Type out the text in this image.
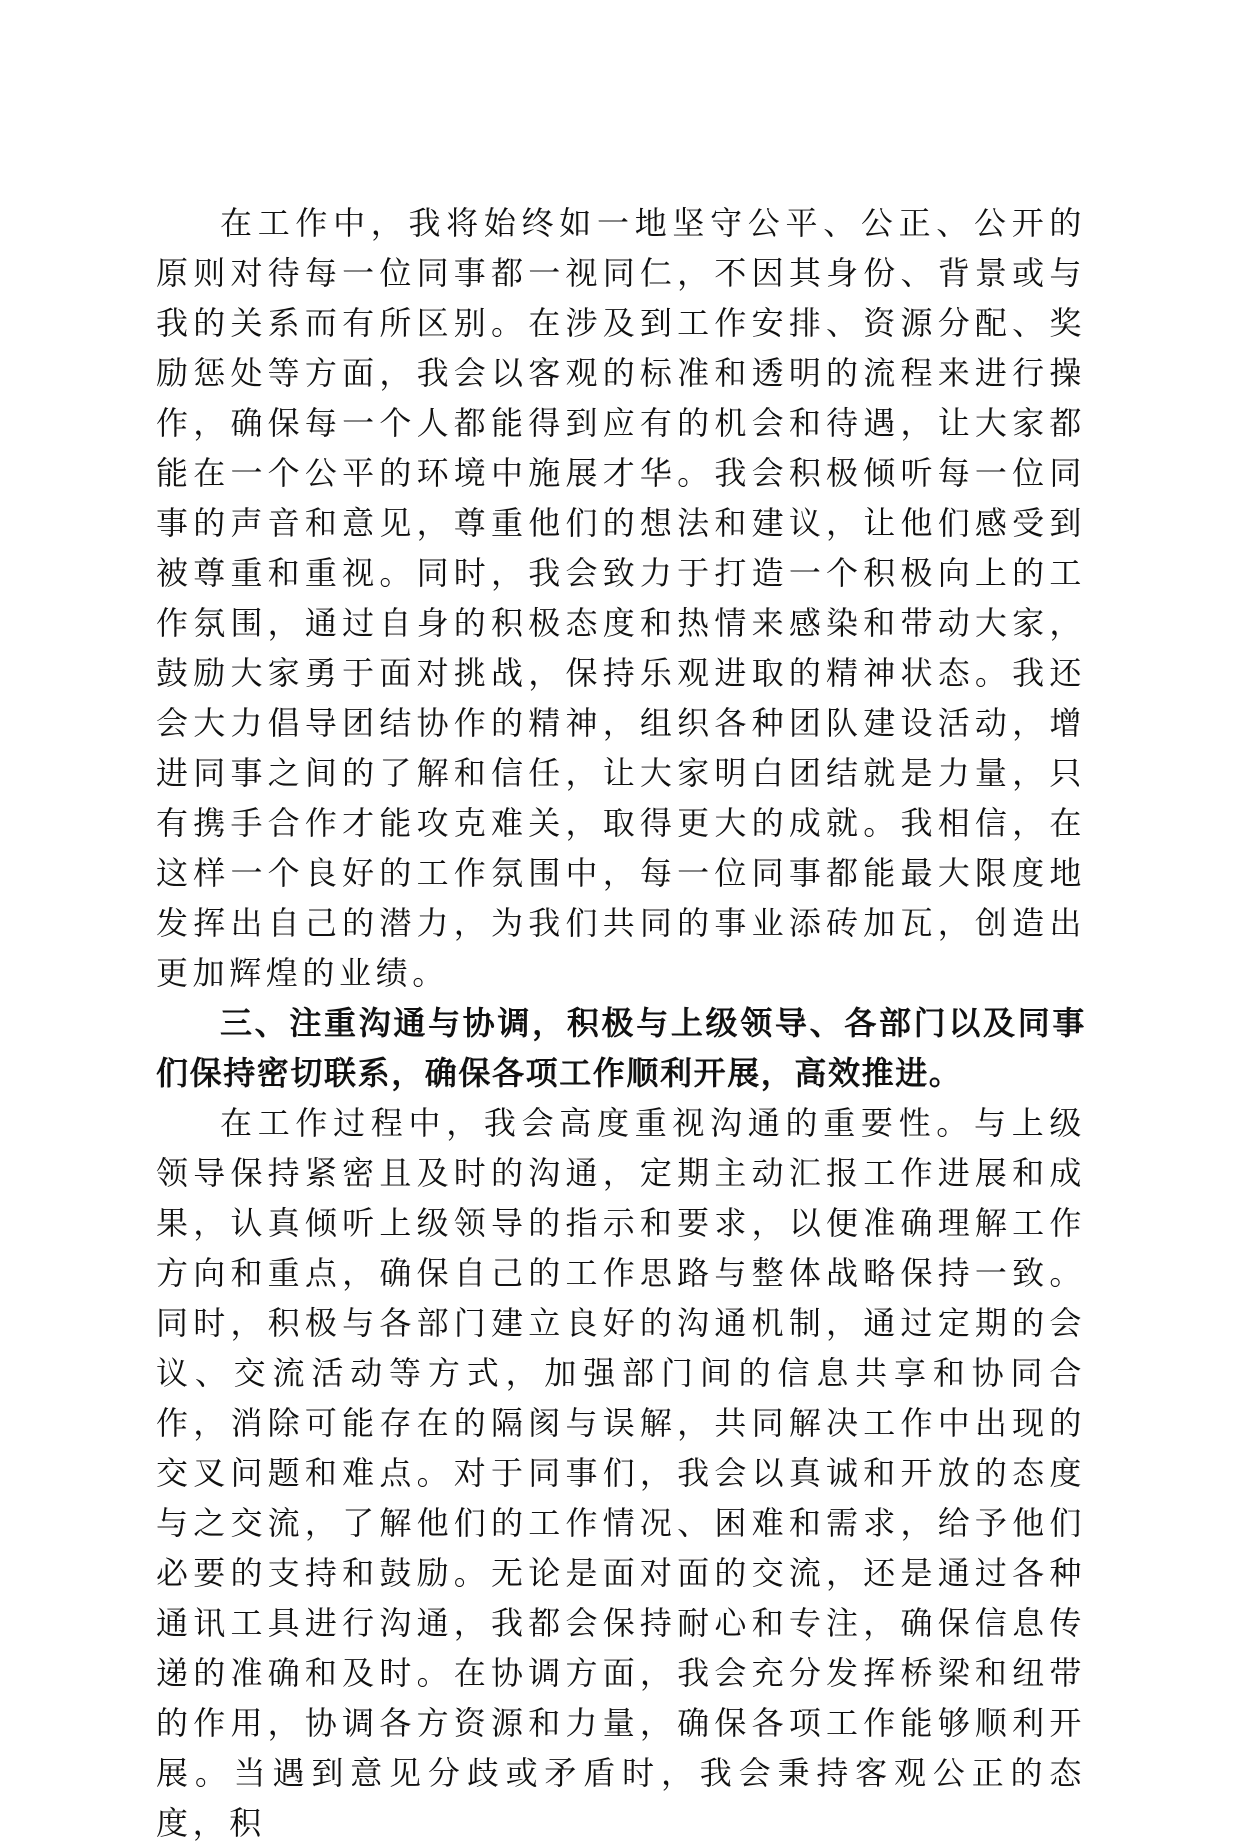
在工作中，我将始终如一地坚守公平、公正、公开的原则对待每一位同事都一视同仁，不因其身份、背景或与我的关系而有所区别。在涉及到工作安排、资源分配、奖励惩处等方面，我会以客观的标准和透明的流程来进行操作，确保每一个人都能得到应有的机会和待遇，让大家都能在一个公平的环境中施展才华。我会积极倾听每一位同事的声音和意见，尊重他们的想法和建议，让他们感受到被尊重和重视。同时，我会致力于打造一个积极向上的工作氛围，通过自身的积极态度和热情来感染和带动大家，鼓励大家勇于面对挑战，保持乐观进取的精神状态。我还会大力倡导团结协作的精神，组织各种团队建设活动，增进同事之间的了解和信任，让大家明白团结就是力量，只有携手合作才能攻克难关，取得更大的成就。我相信，在这样一个良好的工作氛围中，每一位同事都能最大限度地发挥出自己的潜力，为我们共同的事业添砖加瓦，创造出更加辉煌的业绩。

三、注重沟通与协调，积极与上级领导、各部门以及同事们保持密切联系，确保各项工作顺利开展，高效推进。

在工作过程中，我会高度重视沟通的重要性。与上级领导保持紧密且及时的沟通，定期主动汇报工作进展和成果，认真倾听上级领导的指示和要求，以便准确理解工作方向和重点，确保自己的工作思路与整体战略保持一致。同时，积极与各部门建立良好的沟通机制，通过定期的会议、交流活动等方式，加强部门间的信息共享和协同合作，消除可能存在的隔阂与误解，共同解决工作中出现的交叉问题和难点。对于同事们，我会以真诚和开放的态度与之交流，了解他们的工作情况、困难和需求，给予他们必要的支持和鼓励。无论是面对面的交流，还是通过各种通讯工具进行沟通，我都会保持耐心和专注，确保信息传递的准确和及时。在协调方面，我会充分发挥桥梁和纽带的作用，协调各方资源和力量，确保各项工作能够顺利开展。当遇到意见分歧或矛盾时，我会秉持客观公正的态度，积
